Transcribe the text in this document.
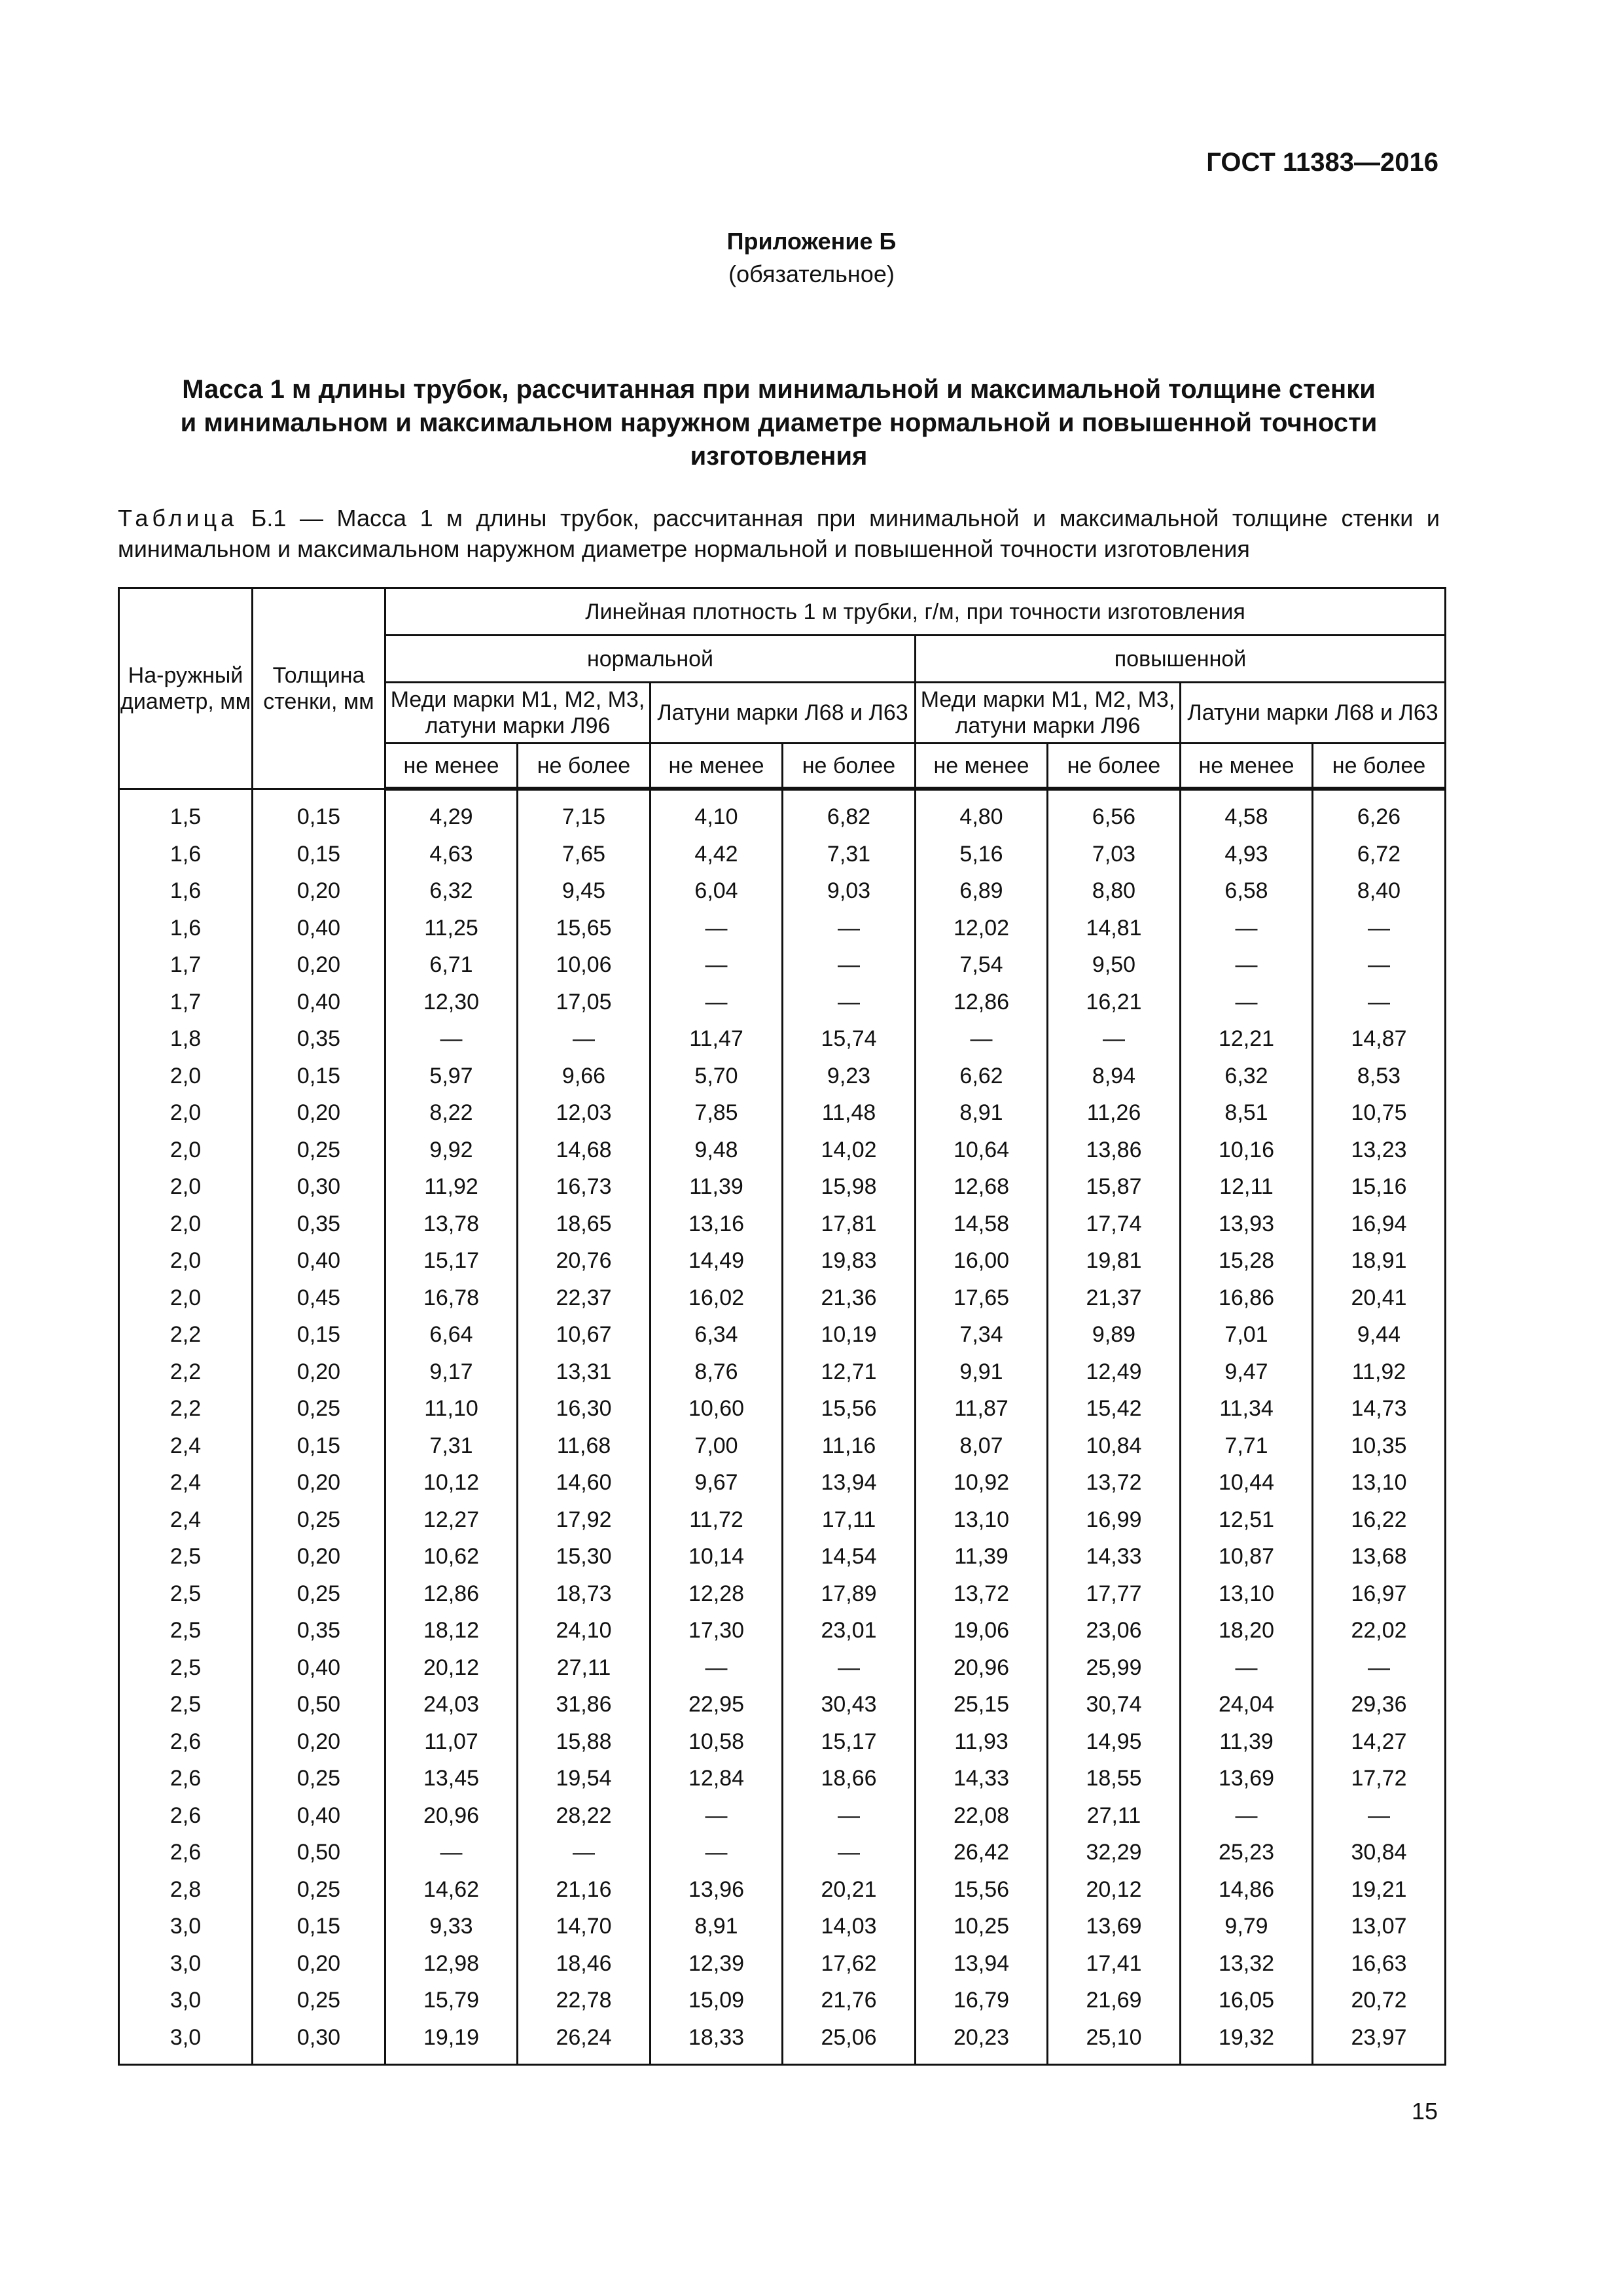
ГОСТ 11383—2016
Приложение Б
(обязательное)
Масса 1 м длины трубок, рассчитанная при минимальной и максимальной толщине стенки
и минимальном и максимальном наружном диаметре нормальной и повышенной точности
изготовления
Таблица Б.1 — Масса 1 м длины трубок, рассчитанная при минимальной и максимальной толщине стенки и минимальном и максимальном наружном диаметре нормальной и повышенной точности изготовления
На-ружный диаметр, мм	Толщина стенки, мм	Линейная плотность 1 м трубки, г/м, при точности изготовления							
		нормальной				повышенной			
		Меди марки М1, М2, М3, латуни марки Л96		Латуни марки Л68 и Л63		Меди марки М1, М2, М3, латуни марки Л96		Латуни марки Л68 и Л63	
		не менее	не более	не менее	не более	не менее	не более	не менее	не более
1,5	0,15	4,29	7,15	4,10	6,82	4,80	6,56	4,58	6,26
1,6	0,15	4,63	7,65	4,42	7,31	5,16	7,03	4,93	6,72
1,6	0,20	6,32	9,45	6,04	9,03	6,89	8,80	6,58	8,40
1,6	0,40	11,25	15,65	—	—	12,02	14,81	—	—
1,7	0,20	6,71	10,06	—	—	7,54	9,50	—	—
1,7	0,40	12,30	17,05	—	—	12,86	16,21	—	—
1,8	0,35	—	—	11,47	15,74	—	—	12,21	14,87
2,0	0,15	5,97	9,66	5,70	9,23	6,62	8,94	6,32	8,53
2,0	0,20	8,22	12,03	7,85	11,48	8,91	11,26	8,51	10,75
2,0	0,25	9,92	14,68	9,48	14,02	10,64	13,86	10,16	13,23
2,0	0,30	11,92	16,73	11,39	15,98	12,68	15,87	12,11	15,16
2,0	0,35	13,78	18,65	13,16	17,81	14,58	17,74	13,93	16,94
2,0	0,40	15,17	20,76	14,49	19,83	16,00	19,81	15,28	18,91
2,0	0,45	16,78	22,37	16,02	21,36	17,65	21,37	16,86	20,41
2,2	0,15	6,64	10,67	6,34	10,19	7,34	9,89	7,01	9,44
2,2	0,20	9,17	13,31	8,76	12,71	9,91	12,49	9,47	11,92
2,2	0,25	11,10	16,30	10,60	15,56	11,87	15,42	11,34	14,73
2,4	0,15	7,31	11,68	7,00	11,16	8,07	10,84	7,71	10,35
2,4	0,20	10,12	14,60	9,67	13,94	10,92	13,72	10,44	13,10
2,4	0,25	12,27	17,92	11,72	17,11	13,10	16,99	12,51	16,22
2,5	0,20	10,62	15,30	10,14	14,54	11,39	14,33	10,87	13,68
2,5	0,25	12,86	18,73	12,28	17,89	13,72	17,77	13,10	16,97
2,5	0,35	18,12	24,10	17,30	23,01	19,06	23,06	18,20	22,02
2,5	0,40	20,12	27,11	—	—	20,96	25,99	—	—
2,5	0,50	24,03	31,86	22,95	30,43	25,15	30,74	24,04	29,36
2,6	0,20	11,07	15,88	10,58	15,17	11,93	14,95	11,39	14,27
2,6	0,25	13,45	19,54	12,84	18,66	14,33	18,55	13,69	17,72
2,6	0,40	20,96	28,22	—	—	22,08	27,11	—	—
2,6	0,50	—	—	—	—	26,42	32,29	25,23	30,84
2,8	0,25	14,62	21,16	13,96	20,21	15,56	20,12	14,86	19,21
3,0	0,15	9,33	14,70	8,91	14,03	10,25	13,69	9,79	13,07
3,0	0,20	12,98	18,46	12,39	17,62	13,94	17,41	13,32	16,63
3,0	0,25	15,79	22,78	15,09	21,76	16,79	21,69	16,05	20,72
3,0	0,30	19,19	26,24	18,33	25,06	20,23	25,10	19,32	23,97
15
